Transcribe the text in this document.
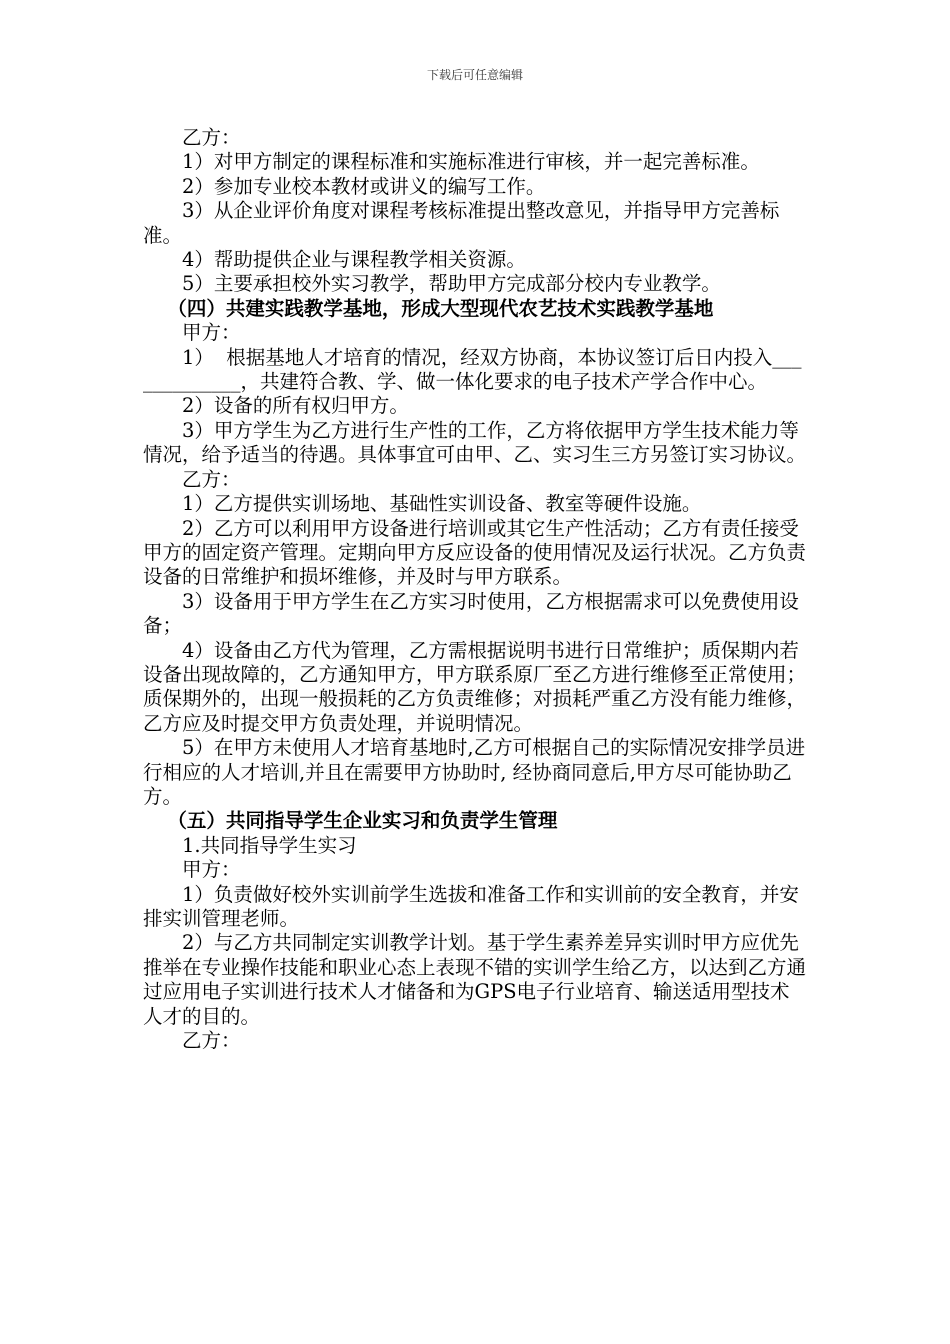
下载后可任意编辑

乙方：

1）对甲方制定的课程标准和实施标准进行审核，并一起完善标准。

2）参加专业校本教材或讲义的编写工作。

3）从企业评价角度对课程考核标准提出整改意见，并指导甲方完善标准。

4）帮助提供企业与课程教学相关资源。

5）主要承担校外实习教学，帮助甲方完成部分校内专业教学。

（四）共建实践教学基地，形成大型现代农艺技术实践教学基地

甲方：

1）  根据基地人才培育的情况，经双方协商，本协议签订后日内投入_____________，共建符合教、学、做一体化要求的电子技术产学合作中心。

2）设备的所有权归甲方。

3）甲方学生为乙方进行生产性的工作，乙方将依据甲方学生技术能力等情况，给予适当的待遇。具体事宜可由甲、乙、实习生三方另签订实习协议。

乙方：

1）乙方提供实训场地、基础性实训设备、教室等硬件设施。

2）乙方可以利用甲方设备进行培训或其它生产性活动；乙方有责任接受甲方的固定资产管理。定期向甲方反应设备的使用情况及运行状况。乙方负责设备的日常维护和损坏维修，并及时与甲方联系。

3）设备用于甲方学生在乙方实习时使用，乙方根据需求可以免费使用设备；

4）设备由乙方代为管理，乙方需根据说明书进行日常维护；质保期内若设备出现故障的，乙方通知甲方，甲方联系原厂至乙方进行维修至正常使用；质保期外的，出现一般损耗的乙方负责维修；对损耗严重乙方没有能力维修，乙方应及时提交甲方负责处理，并说明情况。

5）在甲方未使用人才培育基地时,乙方可根据自己的实际情况安排学员进行相应的人才培训,并且在需要甲方协助时, 经协商同意后,甲方尽可能协助乙方。

（五）共同指导学生企业实习和负责学生管理

1.共同指导学生实习

甲方：

1）负责做好校外实训前学生选拔和准备工作和实训前的安全教育，并安排实训管理老师。

2）与乙方共同制定实训教学计划。基于学生素养差异实训时甲方应优先推举在专业操作技能和职业心态上表现不错的实训学生给乙方，以达到乙方通过应用电子实训进行技术人才储备和为GPS电子行业培育、输送适用型技术人才的目的。

乙方：
